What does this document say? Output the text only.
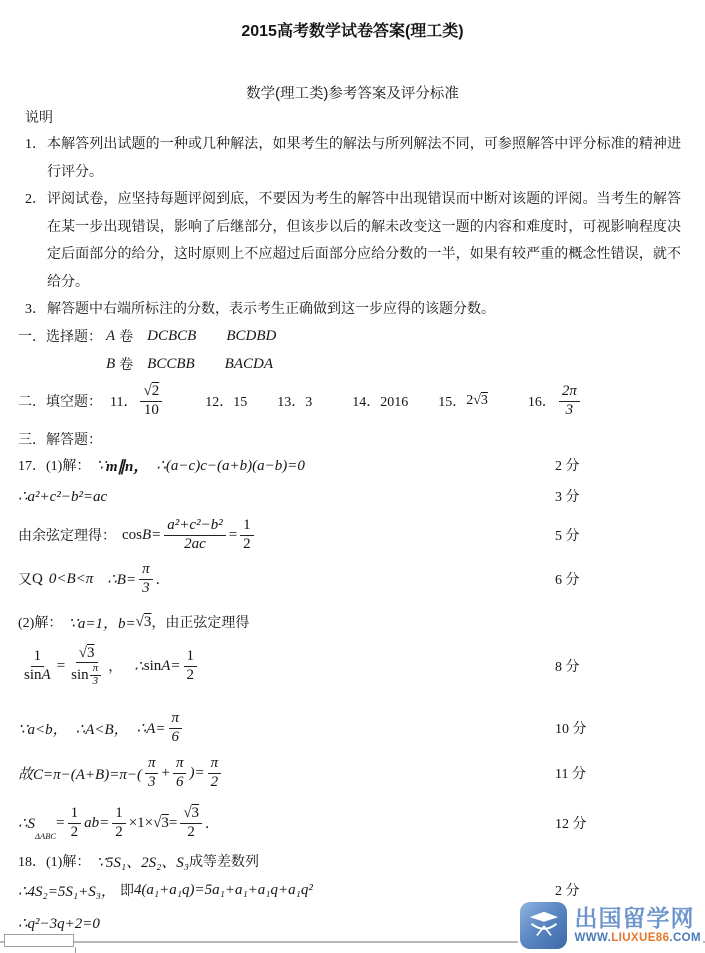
2015高考数学试卷答案(理工类)
数学(理工类)参考答案及评分标准
说明
1． 本解答列出试题的一种或几种解法，如果考生的解法与所列解法不同，可参照解答中评分标准的精神进行评分。
2． 评阅试卷，应坚持每题评阅到底，不要因为考生的解答中出现错误而中断对该题的评阅。当考生的解答在某一步出现错误，影响了后继部分，但该步以后的解未改变这一题的内容和难度时，可视影响程度决定后面部分的给分，这时原则上不应超过后面部分应给分数的一半，如果有较严重的概念性错误，就不给分。
3． 解答题中右端所标注的分数，表示考生正确做到这一步应得的该题分数。
一．选择题： A 卷 DCBCB BCDBD
B 卷 BCCBB BACDA
二．填空题： 11． $\frac{√2}{10}$	12．15 13．3	14．2016 15． 2 √3	16． $\frac{2\pi}{3}$
三．解答题：
17．(1)解： ∵ m∥n， ∴(a−c)c−(a+b)(a−b)=0	2 分
∴a²+c²−b²=ac	3 分
由余弦定理得： $\cos B= \frac{\text{a²+c²−b²}}{2ac} = \frac{1}{2}$	5 分
又 Q 0<B<π ∴B= $\frac{\pi}{3}$ ．	6 分
(2)解： ∵a=1，b= √3 ，由正弦定理得
$\frac{1}{\text{sin A}} = \frac{√3}{\sin \frac{\pi}{3}}$ ， ∴ $\sin A= \frac{1}{2}$	8 分
∵a<b， ∴A<B， ∴A= $\frac{\pi}{6}$	10 分
故$C=\pi-(A+B)=\pi-( \frac{\pi}{3} + \frac{\pi}{6}$ )= $\frac{\pi}{2}$	11 分
∴S
ΔABC
= $\frac{1}{2} ab= \frac{1}{2} \times 1\times √3 = \frac{√3}{2}$ ．	12 分
18．(1)解： ∵5S₁、2S₂、S₃ 成等差数列
∴4S₂=5S₁+S₃， 即 4(a₁+a₁q)=5a₁+a₁+a₁q+a₁q²	2 分
∴q²−3q+2=0	出国留学网
WWW.LIUXUE86.COM
